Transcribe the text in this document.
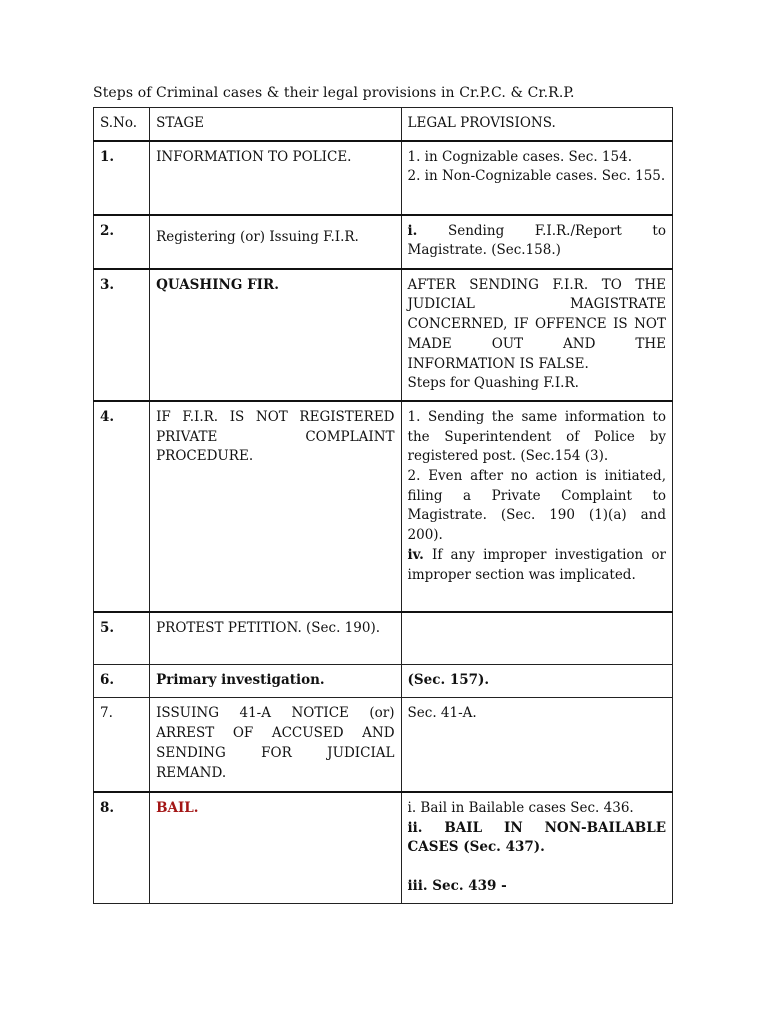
Steps of Criminal cases & their legal provisions in Cr.P.C. & Cr.R.P.
S.No.	STAGE	LEGAL PROVISIONS.
1.	INFORMATION TO POLICE.	1. in Cognizable cases. Sec. 154.
2. in Non-Cognizable cases. Sec. 155.

2.	Registering (or) Issuing F.I.R.	i. Sending F.I.R./Report to Magistrate. (Sec.158.)
3.	QUASHING FIR.	AFTER SENDING F.I.R. TO THE JUDICIAL MAGISTRATE CONCERNED, IF OFFENCE IS NOT MADE OUT AND THE INFORMATION IS FALSE.
Steps for Quashing F.I.R.

4.	IF F.I.R. IS NOT REGISTERED PRIVATE COMPLAINT PROCEDURE.	1. Sending the same information to the Superintendent of Police by registered post. (Sec.154 (3).
2. Even after no action is initiated, filing a Private Complaint to Magistrate. (Sec. 190 (1)(a) and 200).
iv. If any improper investigation or improper section was implicated.

5.	PROTEST PETITION. (Sec. 190).	
6.	Primary investigation.	(Sec. 157).
7.	ISSUING 41-A NOTICE (or) ARREST OF ACCUSED AND SENDING FOR JUDICIAL REMAND.	Sec. 41-A.
8.	BAIL.	i. Bail in Bailable cases Sec. 436.
ii. BAIL IN NON-BAILABLE CASES (Sec. 437).
iii. Sec. 439 -
